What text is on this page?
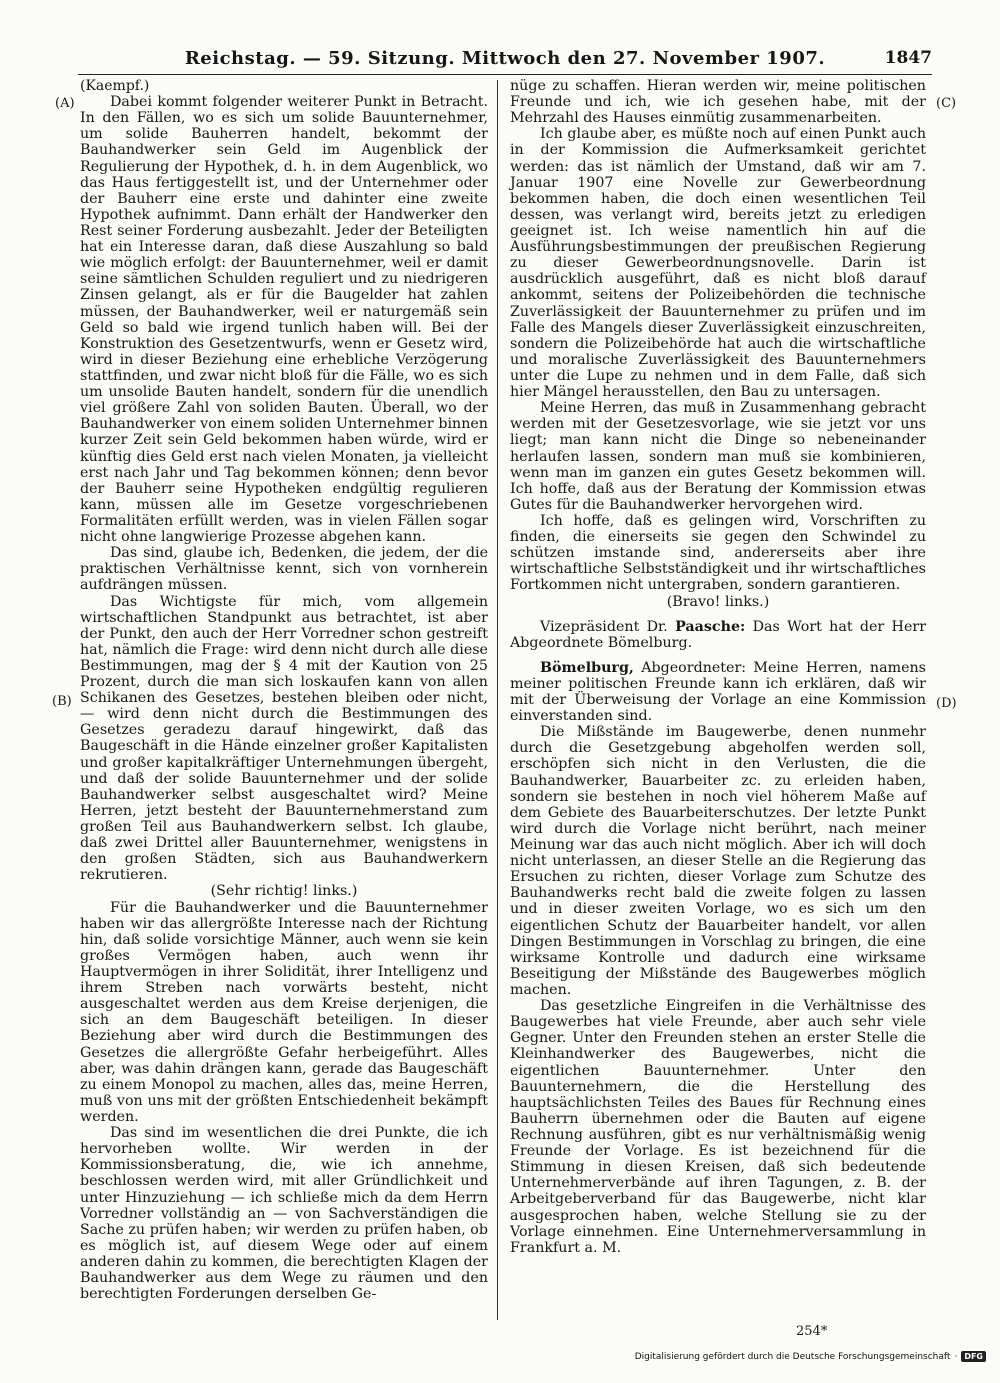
Reichstag. — 59. Sitzung. Mittwoch den 27. November 1907.	1847
(A)
(B)
(C)
(D)

(Kaempf.)

Dabei kommt folgender weiterer Punkt in Betracht. In den Fällen, wo es sich um solide Bauunternehmer, um solide Bauherren handelt, bekommt der Bauhandwerker sein Geld im Augenblick der Regulierung der Hypothek, d. h. in dem Augenblick, wo das Haus fertiggestellt ist, und der Unternehmer oder der Bauherr eine erste und dahinter eine zweite Hypothek aufnimmt. Dann erhält der Handwerker den Rest seiner Forderung ausbezahlt. Jeder der Beteiligten hat ein Interesse daran, daß diese Auszahlung so bald wie möglich erfolgt: der Bauunternehmer, weil er damit seine sämtlichen Schulden reguliert und zu niedrigeren Zinsen gelangt, als er für die Baugelder hat zahlen müssen, der Bauhandwerker, weil er naturgemäß sein Geld so bald wie irgend tunlich haben will. Bei der Konstruktion des Gesetzentwurfs, wenn er Gesetz wird, wird in dieser Beziehung eine erhebliche Verzögerung stattfinden, und zwar nicht bloß für die Fälle, wo es sich um unsolide Bauten handelt, sondern für die unendlich viel größere Zahl von soliden Bauten. Überall, wo der Bauhandwerker von einem soliden Unternehmer binnen kurzer Zeit sein Geld bekommen haben würde, wird er künftig dies Geld erst nach vielen Monaten, ja vielleicht erst nach Jahr und Tag bekommen können; denn bevor der Bauherr seine Hypotheken endgültig regulieren kann, müssen alle im Gesetze vorgeschriebenen Formalitäten erfüllt werden, was in vielen Fällen sogar nicht ohne langwierige Prozesse abgehen kann.

Das sind, glaube ich, Bedenken, die jedem, der die praktischen Verhältnisse kennt, sich von vornherein aufdrängen müssen.

Das Wichtigste für mich, vom allgemein wirtschaftlichen Standpunkt aus betrachtet, ist aber der Punkt, den auch der Herr Vorredner schon gestreift hat, nämlich die Frage: wird denn nicht durch alle diese Bestimmungen, mag der § 4 mit der Kaution von 25 Prozent, durch die man sich loskaufen kann von allen Schikanen des Gesetzes, bestehen bleiben oder nicht, — wird denn nicht durch die Bestimmungen des Gesetzes geradezu darauf hingewirkt, daß das Baugeschäft in die Hände einzelner großer Kapitalisten und großer kapitalkräftiger Unternehmungen übergeht, und daß der solide Bauunternehmer und der solide Bauhandwerker selbst ausgeschaltet wird? Meine Herren, jetzt besteht der Bauunternehmerstand zum großen Teil aus Bauhandwerkern selbst. Ich glaube, daß zwei Drittel aller Bauunternehmer, wenigstens in den großen Städten, sich aus Bauhandwerkern rekrutieren.

(Sehr richtig! links.)

Für die Bauhandwerker und die Bauunternehmer haben wir das allergrößte Interesse nach der Richtung hin, daß solide vorsichtige Männer, auch wenn sie kein großes Vermögen haben, auch wenn ihr Hauptvermögen in ihrer Solidität, ihrer Intelligenz und ihrem Streben nach vorwärts besteht, nicht ausgeschaltet werden aus dem Kreise derjenigen, die sich an dem Baugeschäft beteiligen. In dieser Beziehung aber wird durch die Bestimmungen des Gesetzes die allergrößte Gefahr herbeigeführt. Alles aber, was dahin drängen kann, gerade das Baugeschäft zu einem Monopol zu machen, alles das, meine Herren, muß von uns mit der größten Entschiedenheit bekämpft werden.

Das sind im wesentlichen die drei Punkte, die ich hervorheben wollte. Wir werden in der Kommissionsberatung, die, wie ich annehme, beschlossen werden wird, mit aller Gründlichkeit und unter Hinzuziehung — ich schließe mich da dem Herrn Vorredner vollständig an — von Sachverständigen die Sache zu prüfen haben; wir werden zu prüfen haben, ob es möglich ist, auf diesem Wege oder auf einem anderen dahin zu kommen, die berechtigten Klagen der Bauhandwerker aus dem Wege zu räumen und den berechtigten Forderungen derselben Ge-

nüge zu schaffen. Hieran werden wir, meine politischen Freunde und ich, wie ich gesehen habe, mit der Mehrzahl des Hauses einmütig zusammenarbeiten.

Ich glaube aber, es müßte noch auf einen Punkt auch in der Kommission die Aufmerksamkeit gerichtet werden: das ist nämlich der Umstand, daß wir am 7. Januar 1907 eine Novelle zur Gewerbeordnung bekommen haben, die doch einen wesentlichen Teil dessen, was verlangt wird, bereits jetzt zu erledigen geeignet ist. Ich weise namentlich hin auf die Ausführungsbestimmungen der preußischen Regierung zu dieser Gewerbeordnungsnovelle. Darin ist ausdrücklich ausgeführt, daß es nicht bloß darauf ankommt, seitens der Polizeibehörden die technische Zuverlässigkeit der Bauunternehmer zu prüfen und im Falle des Mangels dieser Zuverlässigkeit einzuschreiten, sondern die Polizeibehörde hat auch die wirtschaftliche und moralische Zuverlässigkeit des Bauunternehmers unter die Lupe zu nehmen und in dem Falle, daß sich hier Mängel herausstellen, den Bau zu untersagen.

Meine Herren, das muß in Zusammenhang gebracht werden mit der Gesetzesvorlage, wie sie jetzt vor uns liegt; man kann nicht die Dinge so nebeneinander herlaufen lassen, sondern man muß sie kombinieren, wenn man im ganzen ein gutes Gesetz bekommen will. Ich hoffe, daß aus der Beratung der Kommission etwas Gutes für die Bauhandwerker hervorgehen wird.

Ich hoffe, daß es gelingen wird, Vorschriften zu finden, die einerseits sie gegen den Schwindel zu schützen imstande sind, andererseits aber ihre wirtschaftliche Selbstständigkeit und ihr wirtschaftliches Fortkommen nicht untergraben, sondern garantieren.

(Bravo! links.)

Vizepräsident Dr. Paasche: Das Wort hat der Herr Abgeordnete Bömelburg.

Bömelburg, Abgeordneter: Meine Herren, namens meiner politischen Freunde kann ich erklären, daß wir mit der Überweisung der Vorlage an eine Kommission einverstanden sind.

Die Mißstände im Baugewerbe, denen nunmehr durch die Gesetzgebung abgeholfen werden soll, erschöpfen sich nicht in den Verlusten, die die Bauhandwerker, Bauarbeiter zc. zu erleiden haben, sondern sie bestehen in noch viel höherem Maße auf dem Gebiete des Bauarbeiterschutzes. Der letzte Punkt wird durch die Vorlage nicht berührt, nach meiner Meinung war das auch nicht möglich. Aber ich will doch nicht unterlassen, an dieser Stelle an die Regierung das Ersuchen zu richten, dieser Vorlage zum Schutze des Bauhandwerks recht bald die zweite folgen zu lassen und in dieser zweiten Vorlage, wo es sich um den eigentlichen Schutz der Bauarbeiter handelt, vor allen Dingen Bestimmungen in Vorschlag zu bringen, die eine wirksame Kontrolle und dadurch eine wirksame Beseitigung der Mißstände des Baugewerbes möglich machen.

Das gesetzliche Eingreifen in die Verhältnisse des Baugewerbes hat viele Freunde, aber auch sehr viele Gegner. Unter den Freunden stehen an erster Stelle die Kleinhandwerker des Baugewerbes, nicht die eigentlichen Bauunternehmer. Unter den Bauunternehmern, die die Herstellung des hauptsächlichsten Teiles des Baues für Rechnung eines Bauherrn übernehmen oder die Bauten auf eigene Rechnung ausführen, gibt es nur verhältnismäßig wenig Freunde der Vorlage. Es ist bezeichnend für die Stimmung in diesen Kreisen, daß sich bedeutende Unternehmerverbände auf ihren Tagungen, z. B. der Arbeitgeberverband für das Baugewerbe, nicht klar ausgesprochen haben, welche Stellung sie zu der Vorlage einnehmen. Eine Unternehmerversammlung in Frankfurt a. M.

254*
Digitalisierung gefördert durch die Deutsche Forschungsgemeinschaft · DFG
